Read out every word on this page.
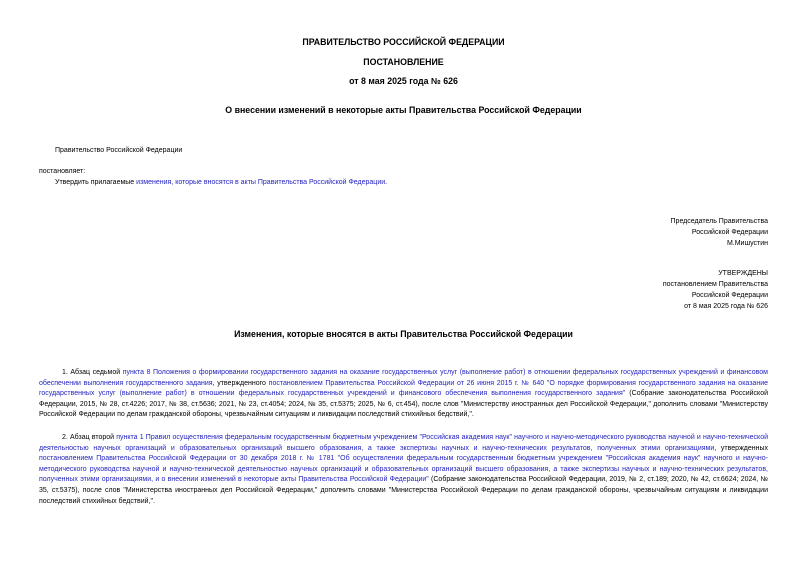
ПРАВИТЕЛЬСТВО РОССИЙСКОЙ ФЕДЕРАЦИИ
ПОСТАНОВЛЕНИЕ
от 8 мая 2025 года № 626
О внесении изменений в некоторые акты Правительства Российской Федерации
Правительство Российской Федерации
постановляет:
Утвердить прилагаемые изменения, которые вносятся в акты Правительства Российской Федерации.
Председатель Правительства
Российской Федерации
М.Мишустин
УТВЕРЖДЕНЫ
постановлением Правительства
Российской Федерации
от 8 мая 2025 года № 626
Изменения, которые вносятся в акты Правительства Российской Федерации
1. Абзац седьмой пункта 8 Положения о формировании государственного задания на оказание государственных услуг (выполнение работ) в отношении федеральных государственных учреждений и финансовом обеспечении выполнения государственного задания, утвержденного постановлением Правительства Российской Федерации от 26 июня 2015 г. № 640 "О порядке формирования государственного задания на оказание государственных услуг (выполнение работ) в отношении федеральных государственных учреждений и финансового обеспечения выполнения государственного задания" (Собрание законодательства Российской Федерации, 2015, № 28, ст.4226; 2017, № 38, ст.5636; 2021, № 23, ст.4054; 2024, № 35, ст.5375; 2025, № 6, ст.454), после слов "Министерству иностранных дел Российской Федерации," дополнить словами "Министерству Российской Федерации по делам гражданской обороны, чрезвычайным ситуациям и ликвидации последствий стихийных бедствий,".
2. Абзац второй пункта 1 Правил осуществления федеральным государственным бюджетным учреждением "Российская академия наук" научного и научно-методического руководства научной и научно-технической деятельностью научных организаций и образовательных организаций высшего образования, а также экспертизы научных и научно-технических результатов, полученных этими организациями, утвержденных постановлением Правительства Российской Федерации от 30 декабря 2018 г. № 1781 "Об осуществлении федеральным государственным бюджетным учреждением "Российская академия наук" научного и научно-методического руководства научной и научно-технической деятельностью научных организаций и образовательных организаций высшего образования, а также экспертизы научных и научно-технических результатов, полученных этими организациями, и о внесении изменений в некоторые акты Правительства Российской Федерации" (Собрание законодательства Российской Федерации, 2019, № 2, ст.189; 2020, № 42, ст.6624; 2024, № 35, ст.5375), после слов "Министерства иностранных дел Российской Федерации," дополнить словами "Министерства Российской Федерации по делам гражданской обороны, чрезвычайным ситуациям и ликвидации последствий стихийных бедствий,".
